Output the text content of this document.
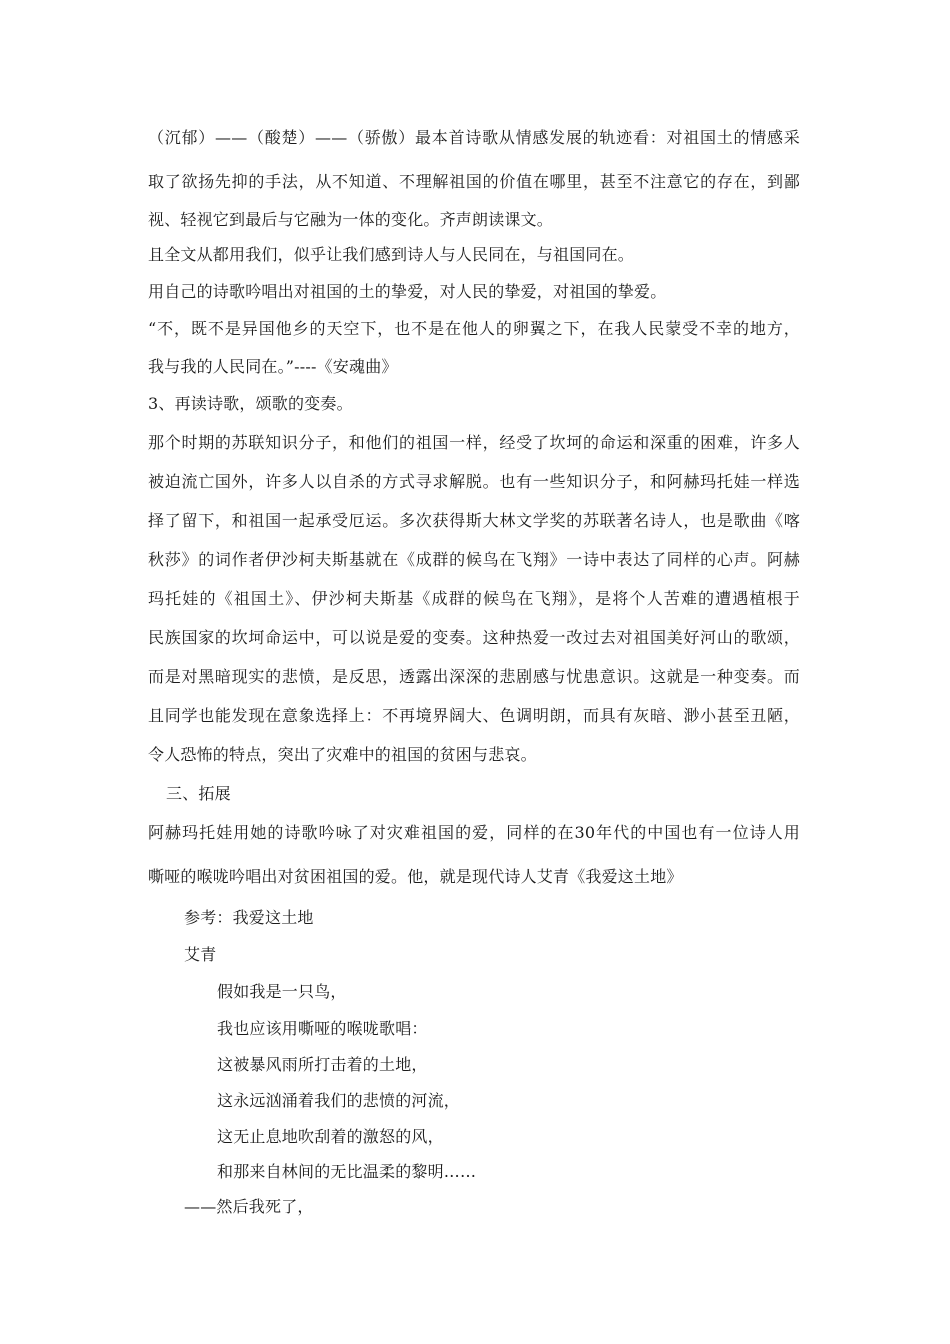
（沉郁）——（酸楚）——（骄傲）最本首诗歌从情感发展的轨迹看：对祖国土的情感采

取了欲扬先抑的手法，从不知道、不理解祖国的价值在哪里，甚至不注意它的存在，到鄙

视、轻视它到最后与它融为一体的变化。齐声朗读课文。

且全文从都用我们，似乎让我们感到诗人与人民同在，与祖国同在。

用自己的诗歌吟唱出对祖国的土的挚爱，对人民的挚爱，对祖国的挚爱。

“不，既不是异国他乡的天空下，也不是在他人的卵翼之下，在我人民蒙受不幸的地方，

我与我的人民同在。”----《安魂曲》

3、再读诗歌，颂歌的变奏。

那个时期的苏联知识分子，和他们的祖国一样，经受了坎坷的命运和深重的困难，许多人

被迫流亡国外，许多人以自杀的方式寻求解脱。也有一些知识分子，和阿赫玛托娃一样选

择了留下，和祖国一起承受厄运。多次获得斯大林文学奖的苏联著名诗人，也是歌曲《喀

秋莎》的词作者伊沙柯夫斯基就在《成群的候鸟在飞翔》一诗中表达了同样的心声。阿赫

玛托娃的《祖国土》、伊沙柯夫斯基《成群的候鸟在飞翔》，是将个人苦难的遭遇植根于

民族国家的坎坷命运中，可以说是爱的变奏。这种热爱一改过去对祖国美好河山的歌颂，

而是对黑暗现实的悲愤，是反思，透露出深深的悲剧感与忧患意识。这就是一种变奏。而

且同学也能发现在意象选择上：不再境界阔大、色调明朗，而具有灰暗、渺小甚至丑陋，

令人恐怖的特点，突出了灾难中的祖国的贫困与悲哀。

三、拓展

阿赫玛托娃用她的诗歌吟咏了对灾难祖国的爱，同样的在30年代的中国也有一位诗人用

嘶哑的喉咙吟唱出对贫困祖国的爱。他，就是现代诗人艾青《我爱这土地》

参考：我爱这土地

艾青

假如我是一只鸟，

我也应该用嘶哑的喉咙歌唱：

这被暴风雨所打击着的土地，

这永远汹涌着我们的悲愤的河流，

这无止息地吹刮着的激怒的风，

和那来自林间的无比温柔的黎明……

——然后我死了，
